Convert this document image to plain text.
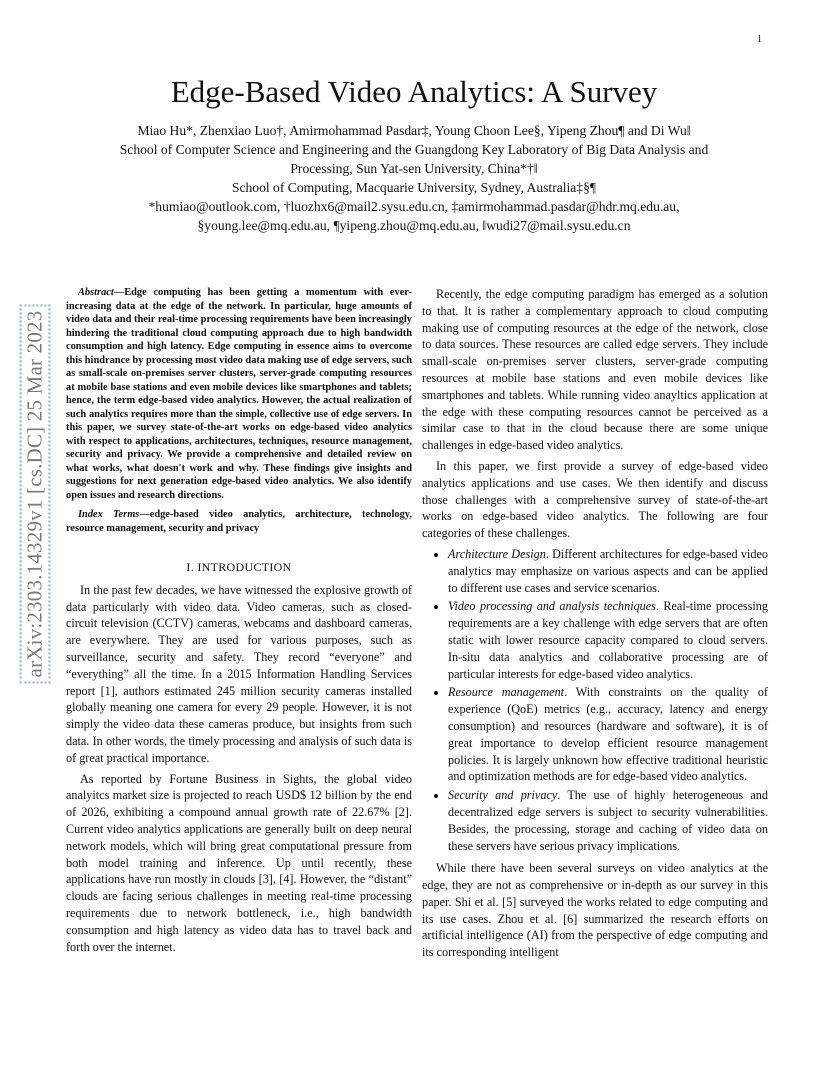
1
arXiv:2303.14329v1 [cs.DC] 25 Mar 2023
Edge-Based Video Analytics: A Survey
Miao Hu*, Zhenxiao Luo†, Amirmohammad Pasdar‡, Young Choon Lee§, Yipeng Zhou¶ and Di Wu‖
School of Computer Science and Engineering and the Guangdong Key Laboratory of Big Data Analysis and
Processing, Sun Yat-sen University, China*†‖
School of Computing, Macquarie University, Sydney, Australia‡§¶
*humiao@outlook.com, †luozhx6@mail2.sysu.edu.cn, ‡amirmohammad.pasdar@hdr.mq.edu.au,
§young.lee@mq.edu.au, ¶yipeng.zhou@mq.edu.au, ‖wudi27@mail.sysu.edu.cn

Abstract—Edge computing has been getting a momentum with ever-increasing data at the edge of the network. In particular, huge amounts of video data and their real-time processing requirements have been increasingly hindering the traditional cloud computing approach due to high bandwidth consumption and high latency. Edge computing in essence aims to overcome this hindrance by processing most video data making use of edge servers, such as small-scale on-premises server clusters, server-grade computing resources at mobile base stations and even mobile devices like smartphones and tablets; hence, the term edge-based video analytics. However, the actual realization of such analytics requires more than the simple, collective use of edge servers. In this paper, we survey state-of-the-art works on edge-based video analytics with respect to applications, architectures, techniques, resource management, security and privacy. We provide a comprehensive and detailed review on what works, what doesn't work and why. These findings give insights and suggestions for next generation edge-based video analytics. We also identify open issues and research directions.

Index Terms—edge-based video analytics, architecture, technology, resource management, security and privacy

I. INTRODUCTION

In the past few decades, we have witnessed the explosive growth of data particularly with video data. Video cameras, such as closed-circuit television (CCTV) cameras, webcams and dashboard cameras, are everywhere. They are used for various purposes, such as surveillance, security and safety. They record “everyone” and “everything” all the time. In a 2015 Information Handling Services report [1], authors estimated 245 million security cameras installed globally meaning one camera for every 29 people. However, it is not simply the video data these cameras produce, but insights from such data. In other words, the timely processing and analysis of such data is of great practical importance.

As reported by Fortune Business in Sights, the global video analyitcs market size is projected to reach USD$ 12 billion by the end of 2026, exhibiting a compound annual growth rate of 22.67% [2]. Current video analytics applications are generally built on deep neural network models, which will bring great computational pressure from both model training and inference. Up until recently, these applications have run mostly in clouds [3], [4]. However, the “distant” clouds are facing serious challenges in meeting real-time processing requirements due to network bottleneck, i.e., high bandwidth consumption and high latency as video data has to travel back and forth over the internet.

Recently, the edge computing paradigm has emerged as a solution to that. It is rather a complementary approach to cloud computing making use of computing resources at the edge of the network, close to data sources. These resources are called edge servers. They include small-scale on-premises server clusters, server-grade computing resources at mobile base stations and even mobile devices like smartphones and tablets. While running video anayltics application at the edge with these computing resources cannot be perceived as a similar case to that in the cloud because there are some unique challenges in edge-based video analytics.

In this paper, we first provide a survey of edge-based video analytics applications and use cases. We then identify and discuss those challenges with a comprehensive survey of state-of-the-art works on edge-based video analytics. The following are four categories of these challenges.

• Architecture Design. Different architectures for edge-based video analytics may emphasize on various aspects and can be applied to different use cases and service scenarios.
• Video processing and analysis techniques. Real-time processing requirements are a key challenge with edge servers that are often static with lower resource capacity compared to cloud servers. In-situ data analytics and collaborative processing are of particular interests for edge-based video analytics.
• Resource management. With constraints on the quality of experience (QoE) metrics (e.g., accuracy, latency and energy consumption) and resources (hardware and software), it is of great importance to develop efficient resource management policies. It is largely unknown how effective traditional heuristic and optimization methods are for edge-based video analytics.
• Security and privacy. The use of highly heterogeneous and decentralized edge servers is subject to security vulnerabilities. Besides, the processing, storage and caching of video data on these servers have serious privacy implications.

While there have been several surveys on video analytics at the edge, they are not as comprehensive or in-depth as our survey in this paper. Shi et al. [5] surveyed the works related to edge computing and its use cases. Zhou et al. [6] summarized the research efforts on artificial intelligence (AI) from the perspective of edge computing and its corresponding intelligent
